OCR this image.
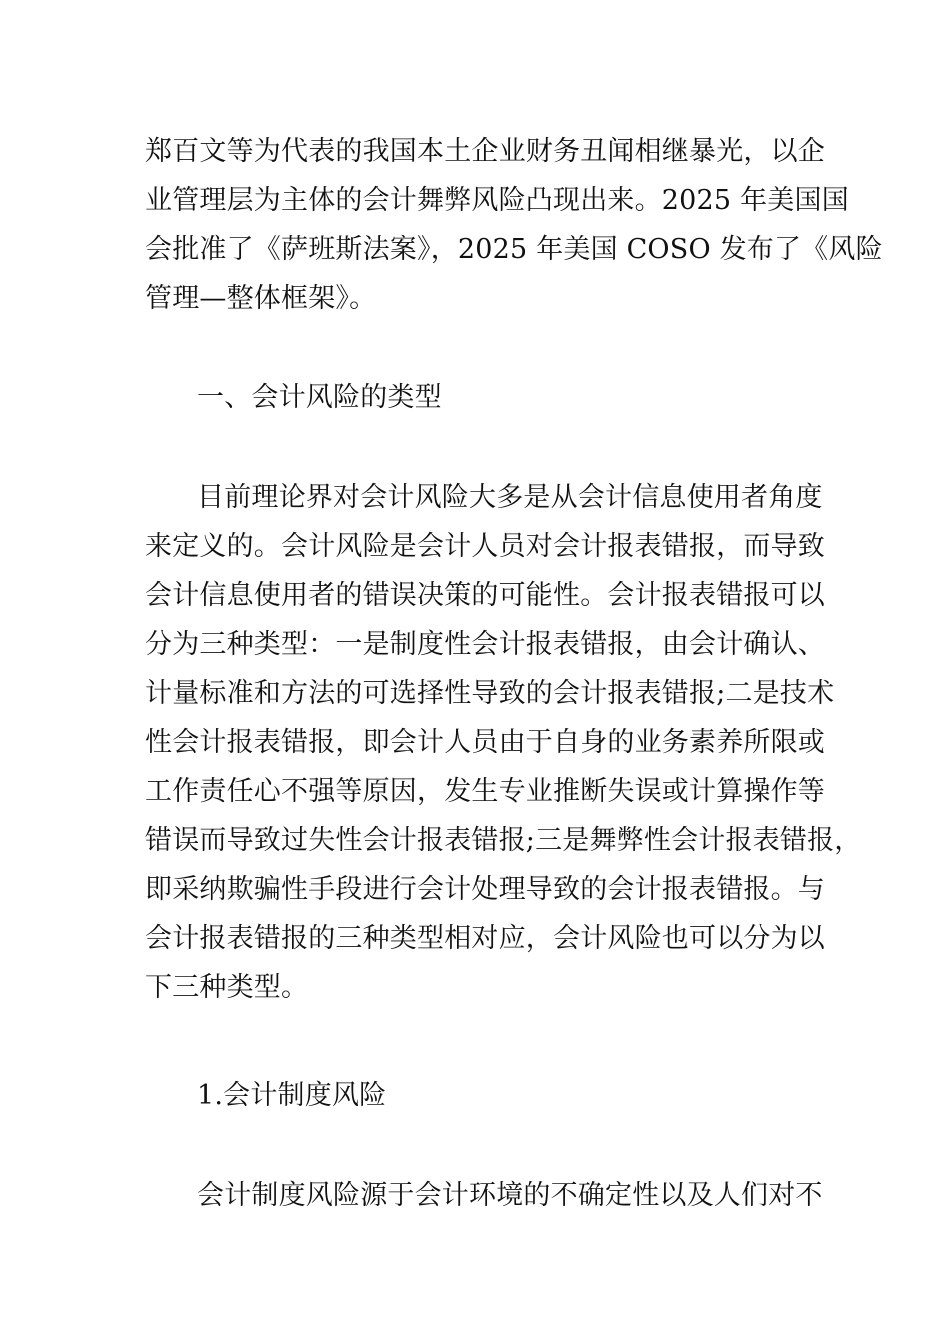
郑百文等为代表的我国本土企业财务丑闻相继暴光，以企
业管理层为主体的会计舞弊风险凸现出来。2025 年美国国
会批准了《萨班斯法案》，2025 年美国 COSO 发布了《风险
管理—整体框架》。
一、会计风险的类型
目前理论界对会计风险大多是从会计信息使用者角度
来定义的。会计风险是会计人员对会计报表错报，而导致
会计信息使用者的错误决策的可能性。会计报表错报可以
分为三种类型：一是制度性会计报表错报，由会计确认、
计量标准和方法的可选择性导致的会计报表错报;二是技术
性会计报表错报，即会计人员由于自身的业务素养所限或
工作责任心不强等原因，发生专业推断失误或计算操作等
错误而导致过失性会计报表错报;三是舞弊性会计报表错报，
即采纳欺骗性手段进行会计处理导致的会计报表错报。与
会计报表错报的三种类型相对应，会计风险也可以分为以
下三种类型。
1.会计制度风险
会计制度风险源于会计环境的不确定性以及人们对不
